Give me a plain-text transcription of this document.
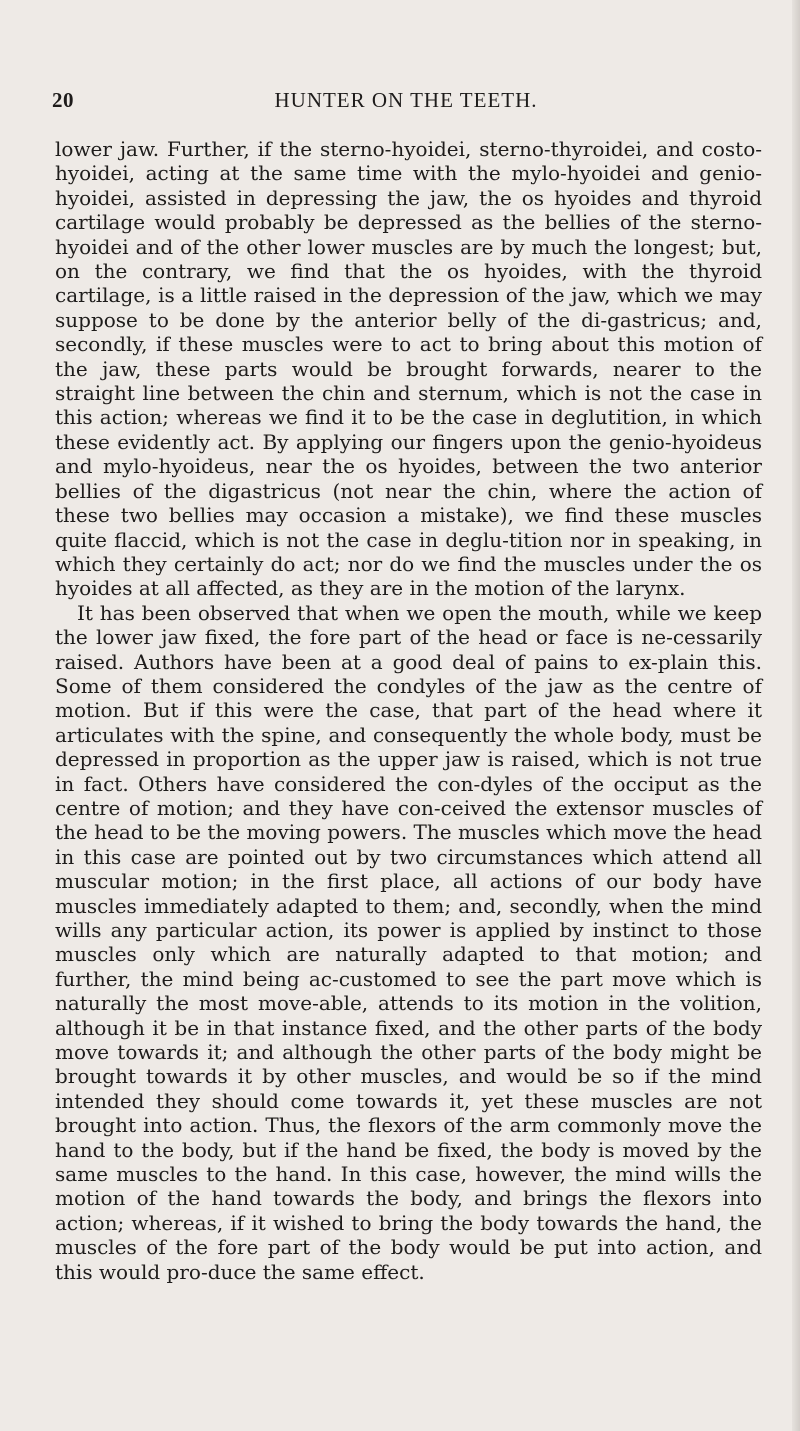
20	HUNTER ON THE TEETH.

lower jaw. Further, if the sterno-hyoidei, sterno-thyroidei, and costo-hyoidei, acting at the same time with the mylo-hyoidei and genio-hyoidei, assisted in depressing the jaw, the os hyoides and thyroid cartilage would probably be depressed as the bellies of the sterno-hyoidei and of the other lower muscles are by much the longest; but, on the contrary, we find that the os hyoides, with the thyroid cartilage, is a little raised in the depression of the jaw, which we may suppose to be done by the anterior belly of the di-gastricus; and, secondly, if these muscles were to act to bring about this motion of the jaw, these parts would be brought forwards, nearer to the straight line between the chin and sternum, which is not the case in this action; whereas we find it to be the case in deglutition, in which these evidently act. By applying our fingers upon the genio-hyoideus and mylo-hyoideus, near the os hyoides, between the two anterior bellies of the digastricus (not near the chin, where the action of these two bellies may occasion a mistake), we find these muscles quite flaccid, which is not the case in deglu-tition nor in speaking, in which they certainly do act; nor do we find the muscles under the os hyoides at all affected, as they are in the motion of the larynx.

It has been observed that when we open the mouth, while we keep the lower jaw fixed, the fore part of the head or face is ne-cessarily raised. Authors have been at a good deal of pains to ex-plain this. Some of them considered the condyles of the jaw as the centre of motion. But if this were the case, that part of the head where it articulates with the spine, and consequently the whole body, must be depressed in proportion as the upper jaw is raised, which is not true in fact. Others have considered the con-dyles of the occiput as the centre of motion; and they have con-ceived the extensor muscles of the head to be the moving powers. The muscles which move the head in this case are pointed out by two circumstances which attend all muscular motion; in the first place, all actions of our body have muscles immediately adapted to them; and, secondly, when the mind wills any particular action, its power is applied by instinct to those muscles only which are naturally adapted to that motion; and further, the mind being ac-customed to see the part move which is naturally the most move-able, attends to its motion in the volition, although it be in that instance fixed, and the other parts of the body move towards it; and although the other parts of the body might be brought towards it by other muscles, and would be so if the mind intended they should come towards it, yet these muscles are not brought into action. Thus, the flexors of the arm commonly move the hand to the body, but if the hand be fixed, the body is moved by the same muscles to the hand. In this case, however, the mind wills the motion of the hand towards the body, and brings the flexors into action; whereas, if it wished to bring the body towards the hand, the muscles of the fore part of the body would be put into action, and this would pro-duce the same effect.
